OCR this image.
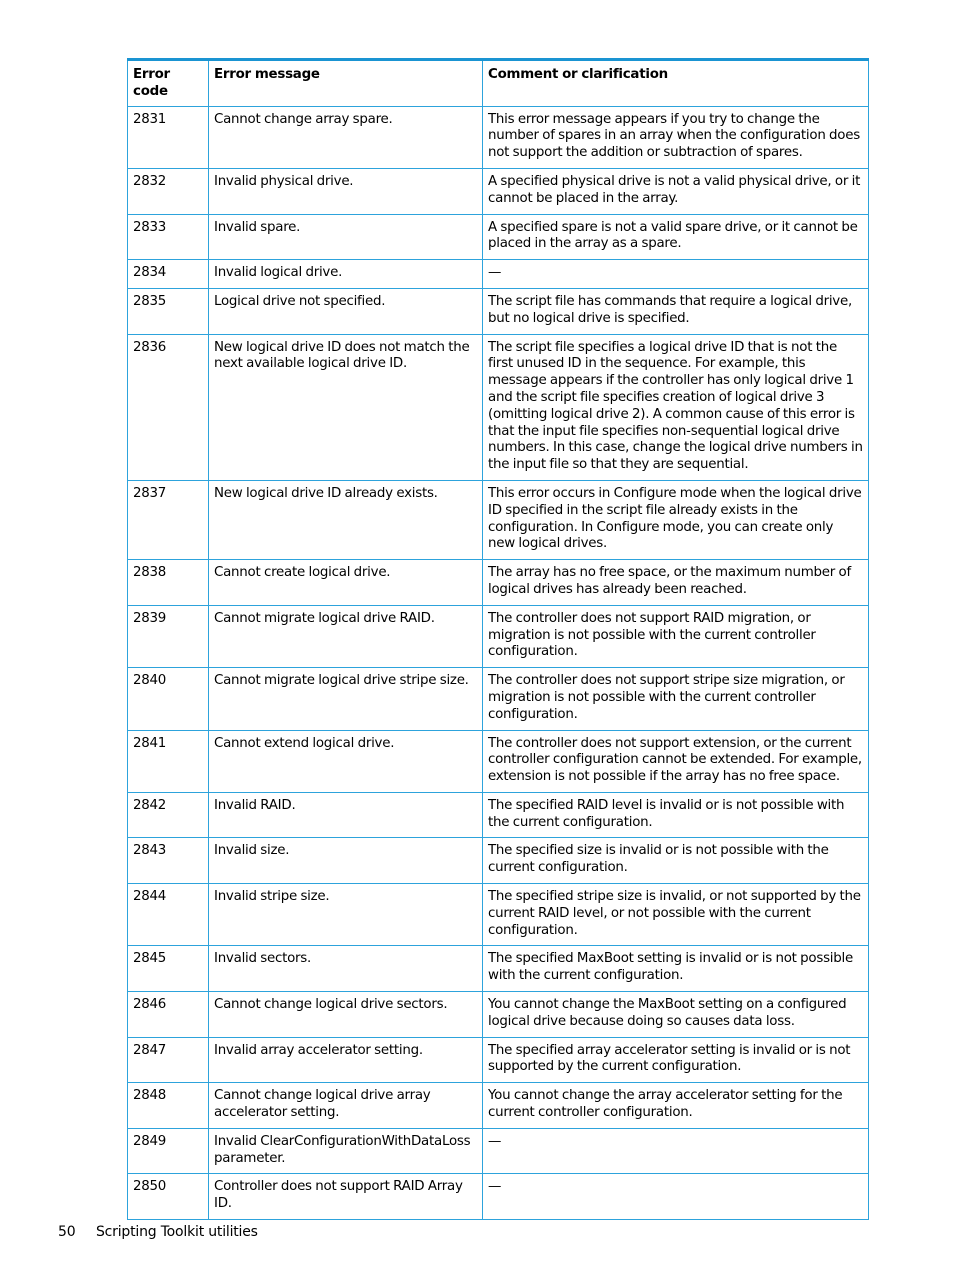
Error code	Error message	Comment or clarification
2831	Cannot change array spare.	This error message appears if you try to change the number of spares in an array when the configuration does not support the addition or subtraction of spares.
2832	Invalid physical drive.	A specified physical drive is not a valid physical drive, or it cannot be placed in the array.
2833	Invalid spare.	A specified spare is not a valid spare drive, or it cannot be placed in the array as a spare.
2834	Invalid logical drive.	—
2835	Logical drive not specified.	The script file has commands that require a logical drive, but no logical drive is specified.
2836	New logical drive ID does not match the next available logical drive ID.	The script file specifies a logical drive ID that is not the first unused ID in the sequence. For example, this message appears if the controller has only logical drive 1 and the script file specifies creation of logical drive 3 (omitting logical drive 2). A common cause of this error is that the input file specifies non-sequential logical drive numbers. In this case, change the logical drive numbers in the input file so that they are sequential.
2837	New logical drive ID already exists.	This error occurs in Configure mode when the logical drive ID specified in the script file already exists in the configuration. In Configure mode, you can create only new logical drives.
2838	Cannot create logical drive.	The array has no free space, or the maximum number of logical drives has already been reached.
2839	Cannot migrate logical drive RAID.	The controller does not support RAID migration, or migration is not possible with the current controller configuration.
2840	Cannot migrate logical drive stripe size.	The controller does not support stripe size migration, or migration is not possible with the current controller configuration.
2841	Cannot extend logical drive.	The controller does not support extension, or the current controller configuration cannot be extended. For example, extension is not possible if the array has no free space.
2842	Invalid RAID.	The specified RAID level is invalid or is not possible with the current configuration.
2843	Invalid size.	The specified size is invalid or is not possible with the current configuration.
2844	Invalid stripe size.	The specified stripe size is invalid, or not supported by the current RAID level, or not possible with the current configuration.
2845	Invalid sectors.	The specified MaxBoot setting is invalid or is not possible with the current configuration.
2846	Cannot change logical drive sectors.	You cannot change the MaxBoot setting on a configured logical drive because doing so causes data loss.
2847	Invalid array accelerator setting.	The specified array accelerator setting is invalid or is not supported by the current configuration.
2848	Cannot change logical drive array accelerator setting.	You cannot change the array accelerator setting for the current controller configuration.
2849	Invalid ClearConfigurationWithDataLoss parameter.	—
2850	Controller does not support RAID Array ID.	—
50 Scripting Toolkit utilities
